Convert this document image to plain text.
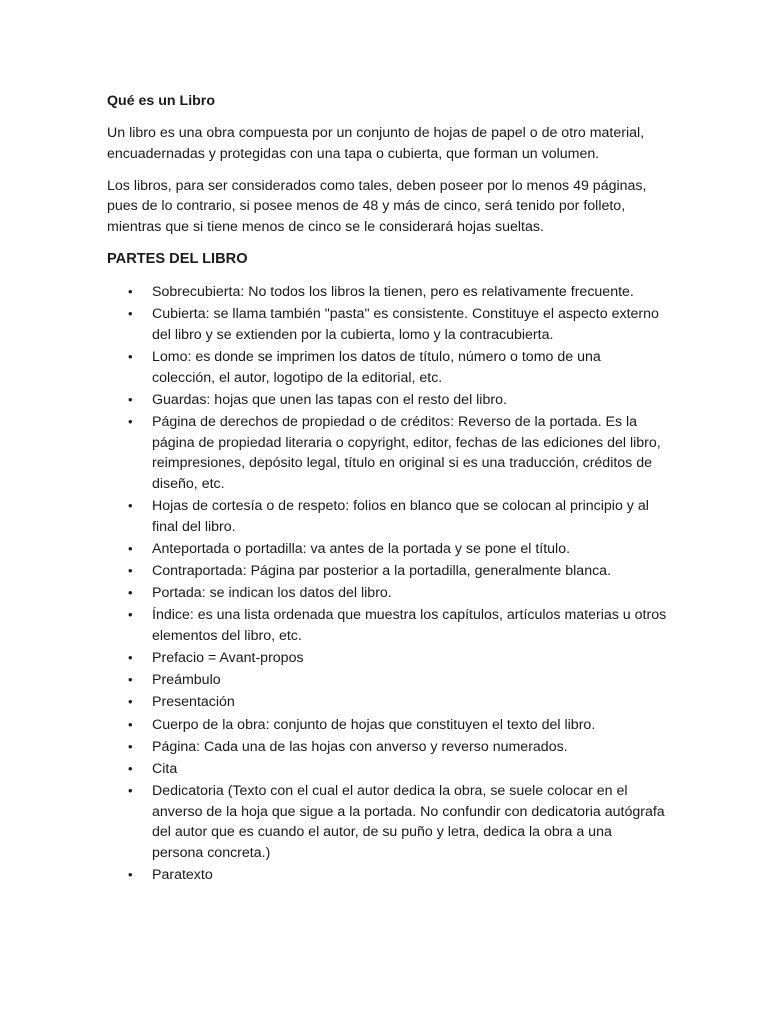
Qué es un Libro
Un libro es una obra compuesta por un conjunto de hojas de papel o de otro material, encuadernadas y protegidas con una tapa o cubierta, que forman un volumen.
Los libros, para ser considerados como tales, deben poseer por lo menos 49 páginas, pues de lo contrario, si posee menos de 48 y más de cinco, será tenido por folleto, mientras que si tiene menos de cinco se le considerará hojas sueltas.
PARTES DEL LIBRO
• Sobrecubierta: No todos los libros la tienen, pero es relativamente frecuente.
• Cubierta: se llama también "pasta" es consistente. Constituye el aspecto externo del libro y se extienden por la cubierta, lomo y la contracubierta.
• Lomo: es donde se imprimen los datos de título, número o tomo de una colección, el autor, logotipo de la editorial, etc.
• Guardas: hojas que unen las tapas con el resto del libro.
• Página de derechos de propiedad o de créditos: Reverso de la portada. Es la página de propiedad literaria o copyright, editor, fechas de las ediciones del libro, reimpresiones, depósito legal, título en original si es una traducción, créditos de diseño, etc.
• Hojas de cortesía o de respeto: folios en blanco que se colocan al principio y al final del libro.
• Anteportada o portadilla: va antes de la portada y se pone el título.
• Contraportada: Página par posterior a la portadilla, generalmente blanca.
• Portada: se indican los datos del libro.
• Índice: es una lista ordenada que muestra los capítulos, artículos materias u otros elementos del libro, etc.
• Prefacio = Avant-propos
• Preámbulo
• Presentación
• Cuerpo de la obra: conjunto de hojas que constituyen el texto del libro.
• Página: Cada una de las hojas con anverso y reverso numerados.
• Cita
• Dedicatoria (Texto con el cual el autor dedica la obra, se suele colocar en el anverso de la hoja que sigue a la portada. No confundir con dedicatoria autógrafa del autor que es cuando el autor, de su puño y letra, dedica la obra a una persona concreta.)
• Paratexto
